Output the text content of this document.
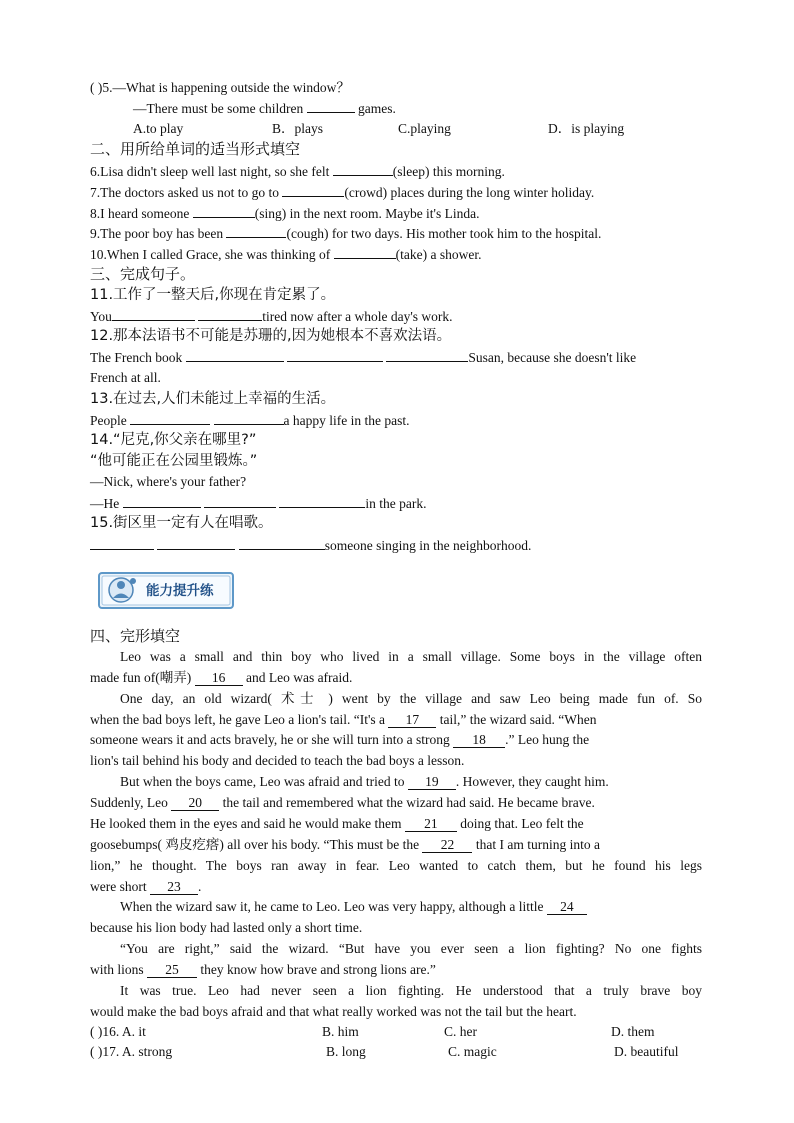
( )5.—What is happening outside the window？
—There must be some children	games.
A.to play	B．plays	C.playing	D．is playing
二、用所给单词的适当形式填空
6.Lisa didn't sleep well last night, so she felt	(sleep) this morning.
7.The doctors asked us not to go to	(crowd) places during the long winter holiday.
8.I heard someone	(sing) in the next room. Maybe it's Linda.
9.The poor boy has been	(cough) for two days. His mother took him to the hospital.
10.When I called Grace, she was thinking of	(take) a shower.
三、完成句子。
11.工作了一整天后,你现在肯定累了。
You	tired now after a whole day's work.
12.那本法语书不可能是苏珊的,因为她根本不喜欢法语。
The French book	Susan, because she doesn't like
French at all.
13.在过去,人们未能过上幸福的生活。
People	a happy life in the past.
14.“尼克,你父亲在哪里?”
“他可能正在公园里锻炼。”
—Nick, where's your father?
—He	in the park.
15.街区里一定有人在唱歌。
someone singing in the neighborhood.
能力提升练
四、完形填空
Leo was a small and thin boy who lived in a small village. Some boys in the village often
made fun of(嘲弄) 16 and Leo was afraid.
One day, an old wizard( 术士 ) went by the village and saw Leo being made fun of. So
when the bad boys left, he gave Leo a lion's tail. “It's a 17 tail,” the wizard said. “When
someone wears it and acts bravely, he or she will turn into a strong 18 .” Leo hung the
lion's tail behind his body and decided to teach the bad boys a lesson.
But when the boys came, Leo was afraid and tried to 19 . However, they caught him.
Suddenly, Leo 20 the tail and remembered what the wizard had said. He became brave.
He looked them in the eyes and said he would make them 21 doing that. Leo felt the
goosebumps( 鸡皮疙瘩) all over his body. “This must be the 22 that I am turning into a
lion,” he thought. The boys ran away in fear. Leo wanted to catch them, but he found his legs
were short 23 .
When the wizard saw it, he came to Leo. Leo was very happy, although a little 24
because his lion body had lasted only a short time.
“You are right,” said the wizard. “But have you ever seen a lion fighting? No one fights
with lions 25 they know how brave and strong lions are.”
It was true. Leo had never seen a lion fighting. He understood that a truly brave boy
would make the bad boys afraid and that what really worked was not the tail but the heart.
( )16. A. it	B. him	C. her	D. them
( )17. A. strong	B. long	C. magic	D. beautiful
